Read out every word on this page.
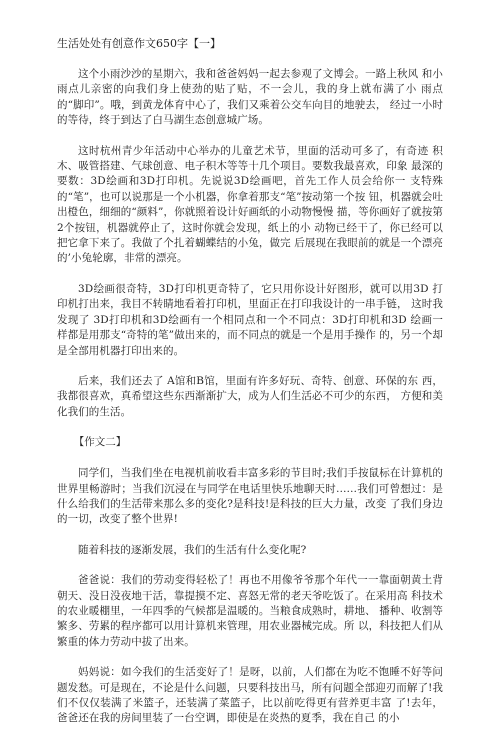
生活处处有创意作文650字【一】

这个小雨沙沙的星期六，我和爸爸妈妈一起去参观了文博会。一路上秋风 和小雨点儿亲密的向我们身上使劲的贴了贴，不一会儿，我的身上就布满了小 雨点的“脚印”。哦，到黄龙体育中心了，我们又乘着公交车向目的地驶去， 经过一小时的等待，终于到达了白马湖生态创意城广场。

这时杭州青少年活动中心举办的儿童艺术节，里面的活动可多了，有奇迹 积木、吸管搭建、气球创意、电子积木等等十几个项目。要数我最喜欢，印象 最深的要数：3D绘画和3D打印机。先说说3D绘画吧，首先工作人员会给你一 支特殊的“笔”，也可以说那是一个小机器，你拿着那支“笔”按动第一个按 钮，机器就会吐出橙色，细细的“颜料”，你就照着设计好画纸的小动物慢慢 描，等你画好了就按第2个按钮，机器就停止了，这时你就会发现，纸上的小 动物已经干了，你已经可以把它拿下来了。我做了个扎着蝴蝶结的小兔，做完 后展现在我眼前的就是一个漂亮的’小兔轮廓，非常的漂亮。

3D绘画很奇特，3D打印机更奇特了，它只用你设计好图形，就可以用3D 打印机打出来，我目不转睛地看着打印机，里面正在打印我设计的一串手链， 这时我发现了 3D打印机和3D绘画有一个相同点和一个不同点：3D打印机和3D 绘画一样都是用那支“奇特的笔”做出来的，而不同点的就是一个是用手操作 的，另一个却是全部用机器打印出来的。

后来，我们还去了 A馆和B馆，里面有许多好玩、奇特、创意、环保的东 西，我都很喜欢，真希望这些东西渐渐扩大，成为人们生活必不可少的东西， 方便和美化我们的生活。

【作文二】

同学们，当我们坐在电视机前收看丰富多彩的节目时;我们手按鼠标在计算机的世界里畅游时；当我们沉浸在与同学在电话里快乐地聊天时……我们可曾想过：是什么给我们的生活带来那么多的变化?是科技!是科技的巨大力量，改变 了我们身边的一切，改变了整个世界!

随着科技的逐渐发展，我们的生活有什么变化呢?

爸爸说：我们的劳动变得轻松了！再也不用像爷爷那个年代一一靠面朝黄土背朝天、没日没夜地干活，靠提摸不定、喜怒无常的老天爷吃饭了。在采用高 科技术的农业暖棚里，一年四季的气候都是温暖的。当粮食成熟时，耕地、 播种、收割等繁多、劳累的程序都可以用计算机来管理，用农业器械完成。所 以，科技把人们从繁重的体力劳动中拔了出来。

妈妈说：如今我们的生活变好了！是呀，以前，人们都在为吃不饱睡不好等问题发愁。可是现在，不论是什么问题，只要科技出马，所有问题全部迎刃而解了!我们不仅仅装满了米篮子，还装满了菜篮子，比以前吃得更有营养更丰富 了!去年，爸爸还在我的房间里装了一台空调，即使是在炎热的夏季，我在自己 的小
